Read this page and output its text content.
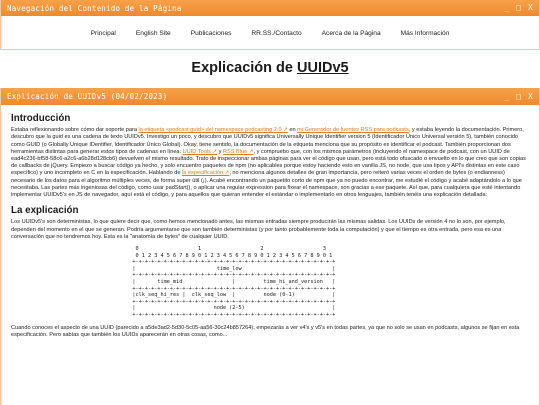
Navegación del Contenido de la Página	_ □ X
Principal	English Site	Publicaciones	RR.SS./Contacto	Acerca de la Página	Más Información
Explicación de UUIDv5
Explicación de UUIDv5 (04/02/2023)	_ □ X
Introducción

Estaba reflexionando sobre cómo dar soporte para la etiqueta <podcast:guid> del namespace podcasting 2.0 ↗ en mi Generador de fuentes RSS para podcasts, y estaba leyendo la documentación. Primero, descubro que la guid es una cadena de texto UUIDv5. Investigo un poco, y descubro que UUIDv5 significa Universally Unique Identifier version 5 (Identificador Único Universal versión 5), también conocido como GUID (o Globally Unique IDentifier, Identificador Único Global). Okay, tiene sentido, la documentación de la etiqueta menciona que su propósito es identificar el podcast. También proporcionan dos herramientas distintas para generar estos tipos de cadenas en línea: UUID Tools ↗ y RSS Blue ↗, y compruebo que, con los mismos parámetros (incluyendo el namespace de podcast, con un UUID de ead4c236-bf58-58c6-a2c6-a6b28d128cb6) devuelven el mismo resultado. Trato de inspeccionar ambas páginas para ver el código que usan, pero está todo ofuscado o envuelto en lo que creo que son copias de callbacks de jQuery. Empiezo a buscar código ya hecho, y solo encuentro paquetes de npm (no aplicables porque estoy haciendo esto en vanilla JS, no node, que usa tipos y API's distintas en este caso específico) y uno incompleto en C en la especificación. Hablando de la especificación ↗, no menciona algunos detalles de gran importancia, pero reiteró varias veces el orden de bytes (o endianness) necesario de los datos para el algoritmo múltiples veces, de forma super útil (¡). Acabé encontrando un paquetito corto de npm que ya no puedo encontrar, me estudié el código y acabé adaptándolo a lo que necesitaba. Las partes más ingeniosas del código, como usar padStart(), o aplicar una regular expression para fixear el namespace, son gracias a ese paquete. Así que, para cualquiera que esté intentando implementar UUIDv5's en JS de navegador, aquí está el código, y para aquellos que quieran entender el estándar o implementarlo en otros lenguajes, también tenéis una explicación detallada:

La explicación

Los UUIDv5's son deterministas, lo que quiere decir que, como hemos mencionado antes, las mismas entradas siempre producirán las mismas salidas. Los UUIDs de versión 4 no lo son, por ejemplo, dependen del momento en el que se generan. Podría argumentarse que son también deterministas (y por tanto probablemente toda la computación) y que el tiempo es otra entrada, pero esa es una conversación que no tendremos hoy. Esta es la "anatomía de bytes" de cualquier UUID.

0                   1                   2                   3
0 1 2 3 4 5 6 7 8 9 0 1 2 3 4 5 6 7 8 9 0 1 2 3 4 5 6 7 8 9 0 1
+-+-+-+-+-+-+-+-+-+-+-+-+-+-+-+-+-+-+-+-+-+-+-+-+-+-+-+-+-+-+-+-+
|                          time_low                             |
+-+-+-+-+-+-+-+-+-+-+-+-+-+-+-+-+-+-+-+-+-+-+-+-+-+-+-+-+-+-+-+-+
|       time_mid                |         time_hi_and_version   |
+-+-+-+-+-+-+-+-+-+-+-+-+-+-+-+-+-+-+-+-+-+-+-+-+-+-+-+-+-+-+-+-+
|clk_seq_hi_res |  clk_seq_low  |         node (0-1)            |
+-+-+-+-+-+-+-+-+-+-+-+-+-+-+-+-+-+-+-+-+-+-+-+-+-+-+-+-+-+-+-+-+
|                         node (2-5)                            |
+-+-+-+-+-+-+-+-+-+-+-+-+-+-+-+-+-+-+-+-+-+-+-+-+-+-+-+-+-+-+-+-+

Cuando conoces el aspecto de una UUID (parecido a a5de3ad2-5d30-5c05-aa56-30c24b857264), empezarás a ver v4's y v5's en todas partes, ya que no solo se usan en podcasts, algunos se fijan en esta especificación. Pero sabías que también los UUIDs aparecerán en otras cosas, como...
